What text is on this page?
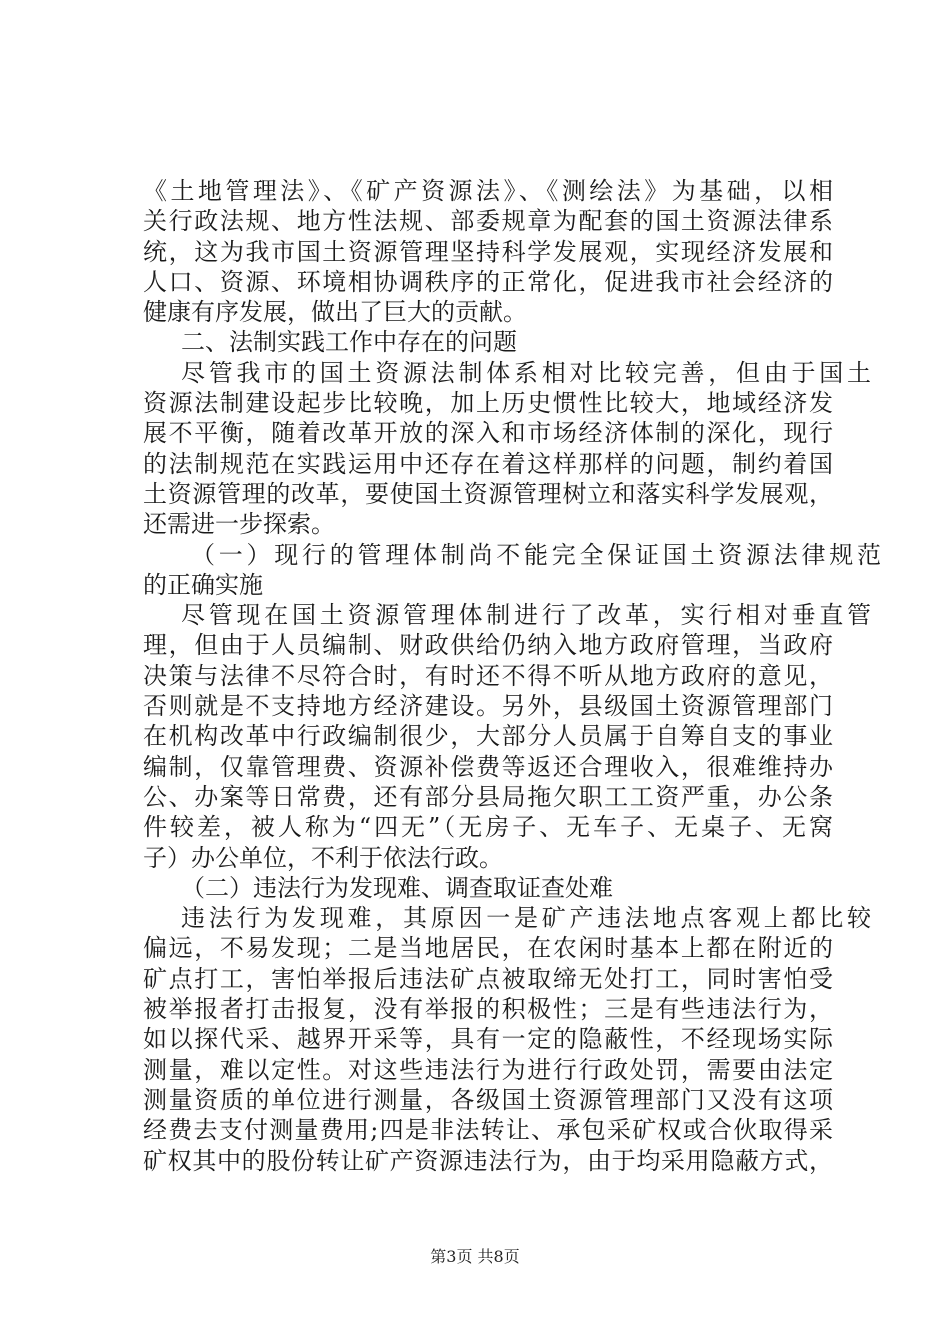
《土地管理法》、《矿产资源法》、《测绘法》为基础，以相
关行政法规、地方性法规、部委规章为配套的国土资源法律系
统，这为我市国土资源管理坚持科学发展观，实现经济发展和
人口、资源、环境相协调秩序的正常化，促进我市社会经济的
健康有序发展，做出了巨大的贡献。
二、法制实践工作中存在的问题
尽管我市的国土资源法制体系相对比较完善，但由于国土
资源法制建设起步比较晚，加上历史惯性比较大，地域经济发
展不平衡，随着改革开放的深入和市场经济体制的深化，现行
的法制规范在实践运用中还存在着这样那样的问题，制约着国
土资源管理的改革，要使国土资源管理树立和落实科学发展观，
还需进一步探索。
（一）现行的管理体制尚不能完全保证国土资源法律规范
的正确实施
尽管现在国土资源管理体制进行了改革，实行相对垂直管
理，但由于人员编制、财政供给仍纳入地方政府管理，当政府
决策与法律不尽符合时，有时还不得不听从地方政府的意见，
否则就是不支持地方经济建设。另外，县级国土资源管理部门
在机构改革中行政编制很少，大部分人员属于自筹自支的事业
编制，仅靠管理费、资源补偿费等返还合理收入，很难维持办
公、办案等日常费，还有部分县局拖欠职工工资严重，办公条
件较差，被人称为“四无”（无房子、无车子、无桌子、无窝
子）办公单位，不利于依法行政。
（二）违法行为发现难、调查取证查处难
违法行为发现难，其原因一是矿产违法地点客观上都比较
偏远，不易发现；二是当地居民，在农闲时基本上都在附近的
矿点打工，害怕举报后违法矿点被取缔无处打工，同时害怕受
被举报者打击报复，没有举报的积极性；三是有些违法行为，
如以探代采、越界开采等，具有一定的隐蔽性，不经现场实际
测量，难以定性。对这些违法行为进行行政处罚，需要由法定
测量资质的单位进行测量，各级国土资源管理部门又没有这项
经费去支付测量费用;四是非法转让、承包采矿权或合伙取得采
矿权其中的股份转让矿产资源违法行为，由于均采用隐蔽方式，
第3页 共8页
